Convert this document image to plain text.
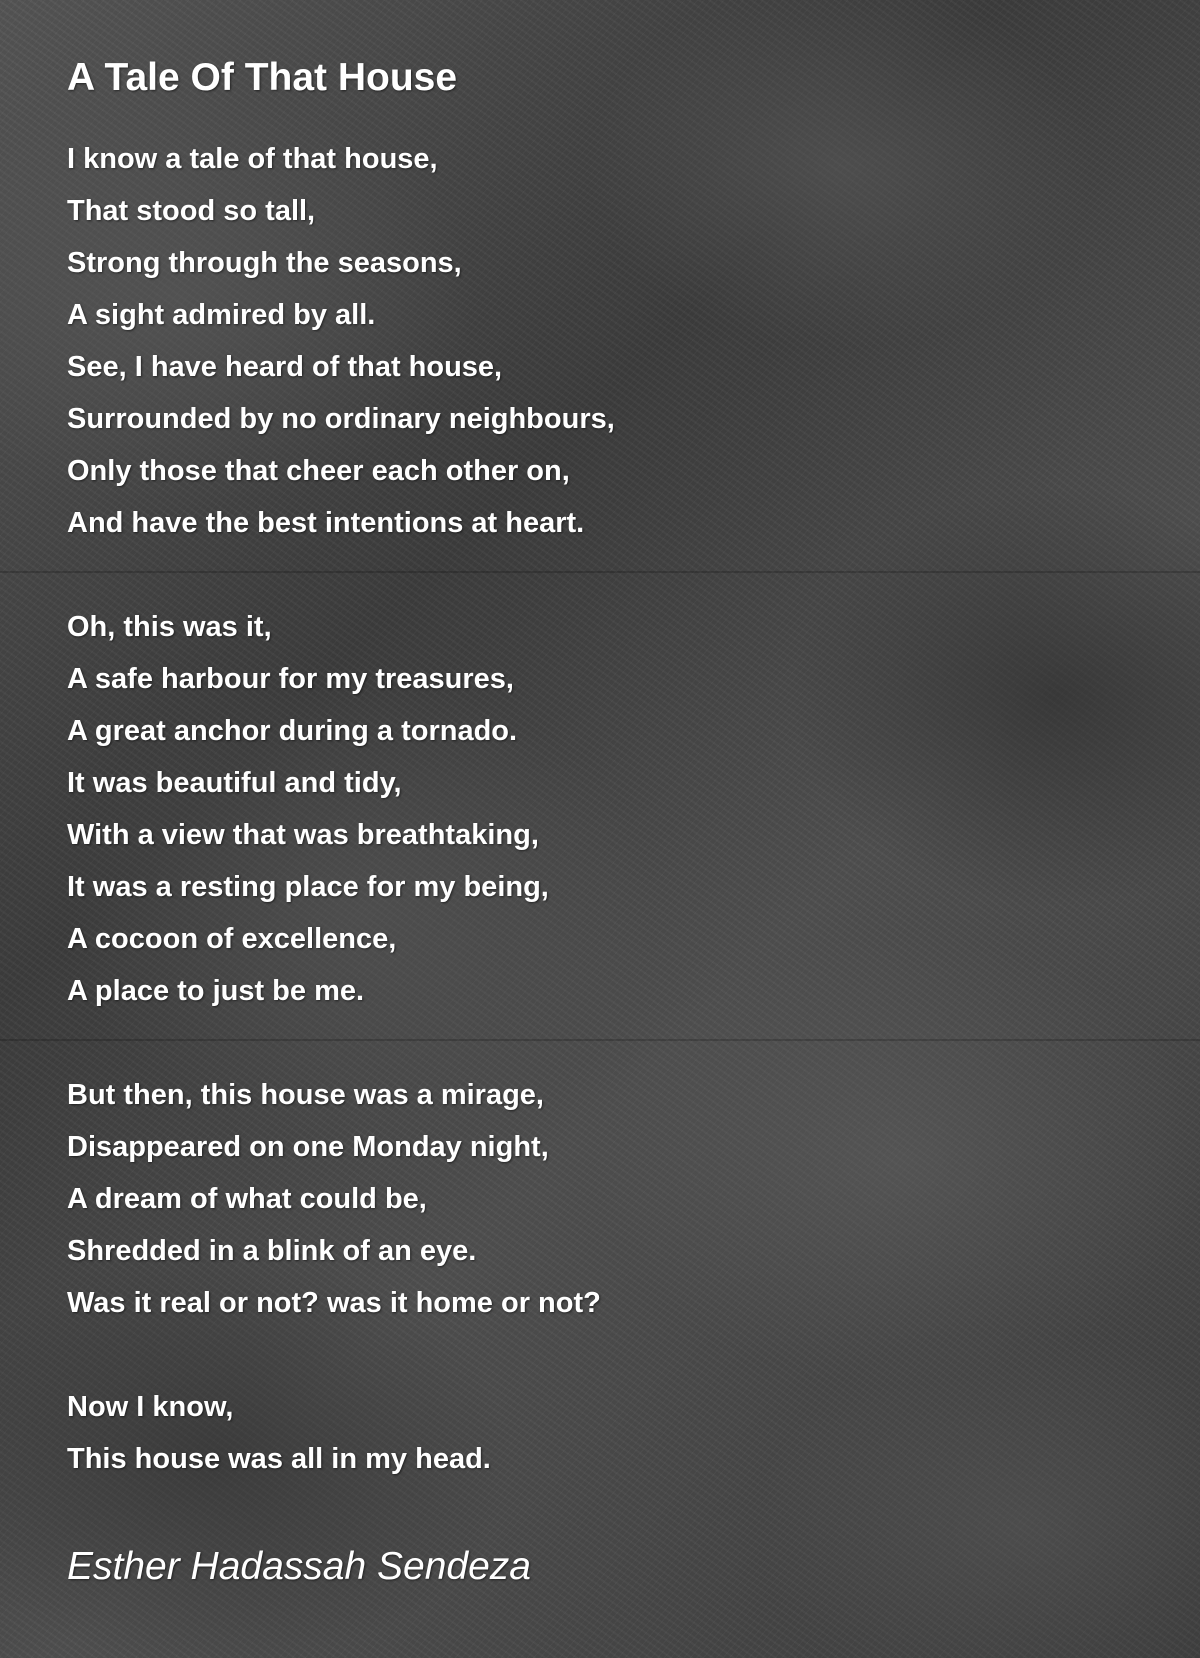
A Tale Of That House
I know a tale of that house,
That stood so tall,
Strong through the seasons,
A sight admired by all.
See, I have heard of that house,
Surrounded by no ordinary neighbours,
Only those that cheer each other on,
And have the best intentions at heart.
Oh, this was it,
A safe harbour for my treasures,
A great anchor during a tornado.
It was beautiful and tidy,
With a view that was breathtaking,
It was a resting place for my being,
A cocoon of excellence,
A place to just be me.
But then, this house was a mirage,
Disappeared on one Monday night,
A dream of what could be,
Shredded in a blink of an eye.
Was it real or not? was it home or not?
Now I know,
This house was all in my head.
Esther Hadassah Sendeza
